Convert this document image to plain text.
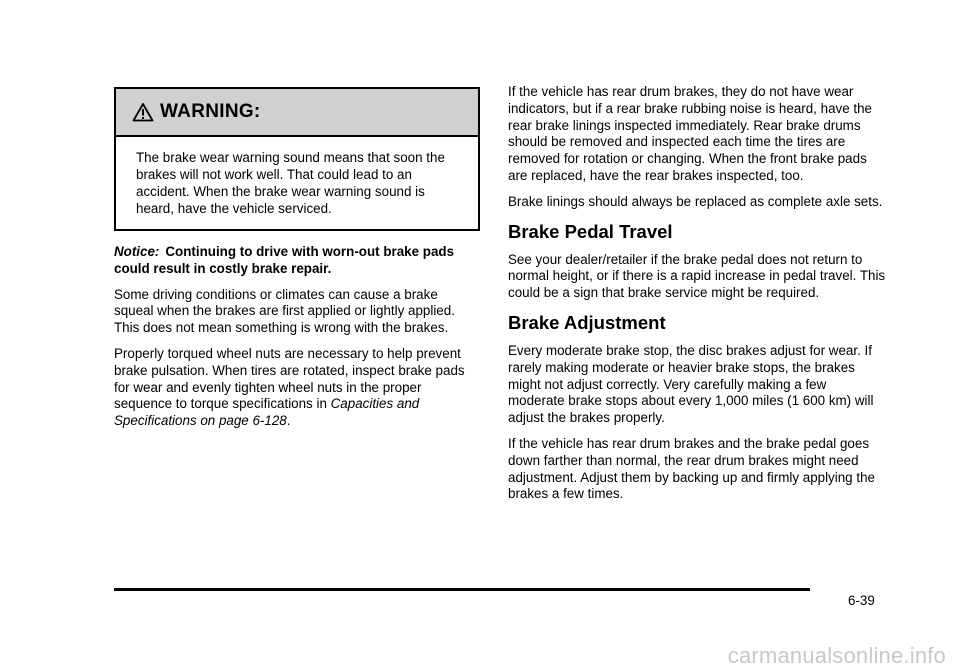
WARNING:
The brake wear warning sound means that soon the brakes will not work well. That could lead to an accident. When the brake wear warning sound is heard, have the vehicle serviced.

Notice: Continuing to drive with worn-out brake pads could result in costly brake repair.

Some driving conditions or climates can cause a brake squeal when the brakes are first applied or lightly applied. This does not mean something is wrong with the brakes.

Properly torqued wheel nuts are necessary to help prevent brake pulsation. When tires are rotated, inspect brake pads for wear and evenly tighten wheel nuts in the proper sequence to torque specifications in Capacities and Specifications on page 6‑128.

If the vehicle has rear drum brakes, they do not have wear indicators, but if a rear brake rubbing noise is heard, have the rear brake linings inspected immediately. Rear brake drums should be removed and inspected each time the tires are removed for rotation or changing. When the front brake pads are replaced, have the rear brakes inspected, too.

Brake linings should always be replaced as complete axle sets.

Brake Pedal Travel

See your dealer/retailer if the brake pedal does not return to normal height, or if there is a rapid increase in pedal travel. This could be a sign that brake service might be required.

Brake Adjustment

Every moderate brake stop, the disc brakes adjust for wear. If rarely making moderate or heavier brake stops, the brakes might not adjust correctly. Very carefully making a few moderate brake stops about every 1,000 miles (1 600 km) will adjust the brakes properly.

If the vehicle has rear drum brakes and the brake pedal goes down farther than normal, the rear drum brakes might need adjustment. Adjust them by backing up and firmly applying the brakes a few times.

6-39
carmanualsonline.info
